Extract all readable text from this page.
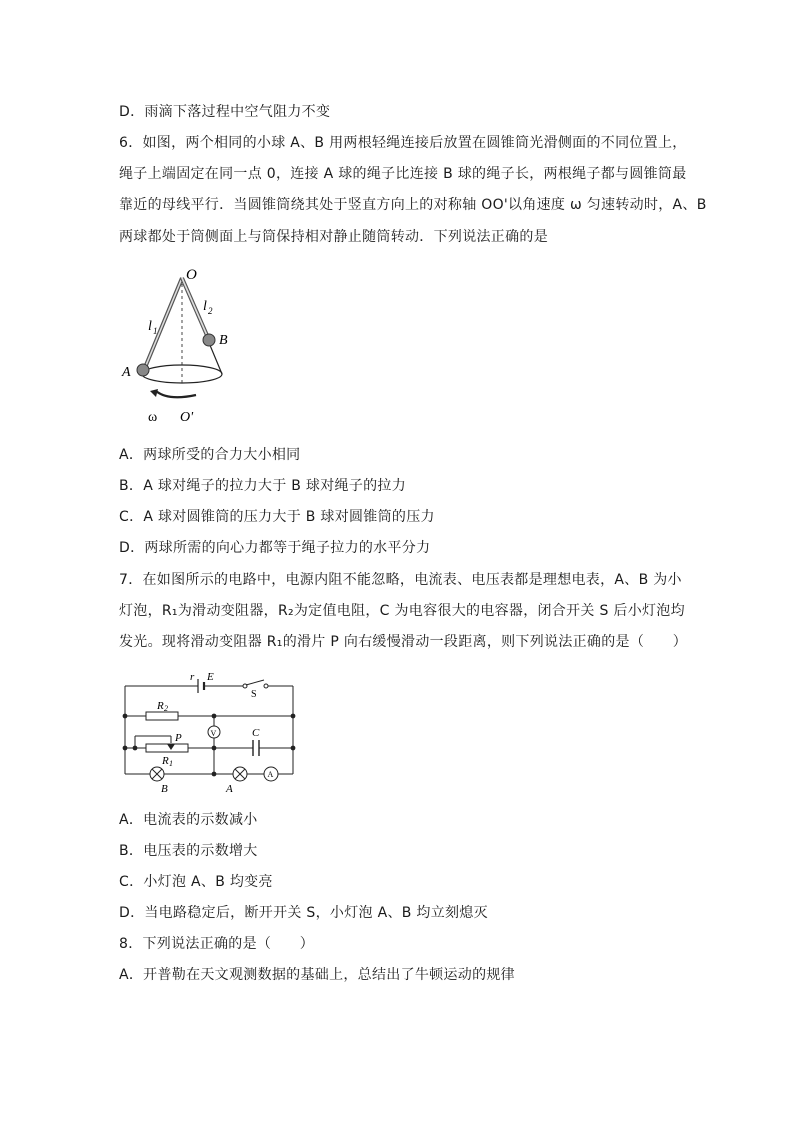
D．雨滴下落过程中空气阻力不变
6．如图，两个相同的小球 A、B 用两根轻绳连接后放置在圆锥筒光滑侧面的不同位置上，
绳子上端固定在同一点 0，连接 A 球的绳子比连接 B 球的绳子长，两根绳子都与圆锥筒最
靠近的母线平行．当圆锥筒绕其处于竖直方向上的对称轴 OO'以角速度 ω 匀速转动时，A、B
两球都处于筒侧面上与筒保持相对静止随筒转动．下列说法正确的是
O
l 1
l 2
A
B
ω O'
A．两球所受的合力大小相同
B．A 球对绳子的拉力大于 B 球对绳子的拉力
C．A 球对圆锥筒的压力大于 B 球对圆锥筒的压力
D．两球所需的向心力都等于绳子拉力的水平分力
7．在如图所示的电路中，电源内阻不能忽略，电流表、电压表都是理想电表，A、B 为小
灯泡，R₁为滑动变阻器，R₂为定值电阻，C 为电容很大的电容器，闭合开关 S 后小灯泡均
发光。现将滑动变阻器 R₁的滑片 P 向右缓慢滑动一段距离，则下列说法正确的是（　　）
r E
R 2
P
R 1
C
A
B
S
V
A
A．电流表的示数减小
B．电压表的示数增大
C．小灯泡 A、B 均变亮
D．当电路稳定后，断开开关 S，小灯泡 A、B 均立刻熄灭
8．下列说法正确的是（　　）
A．开普勒在天文观测数据的基础上，总结出了牛顿运动的规律
